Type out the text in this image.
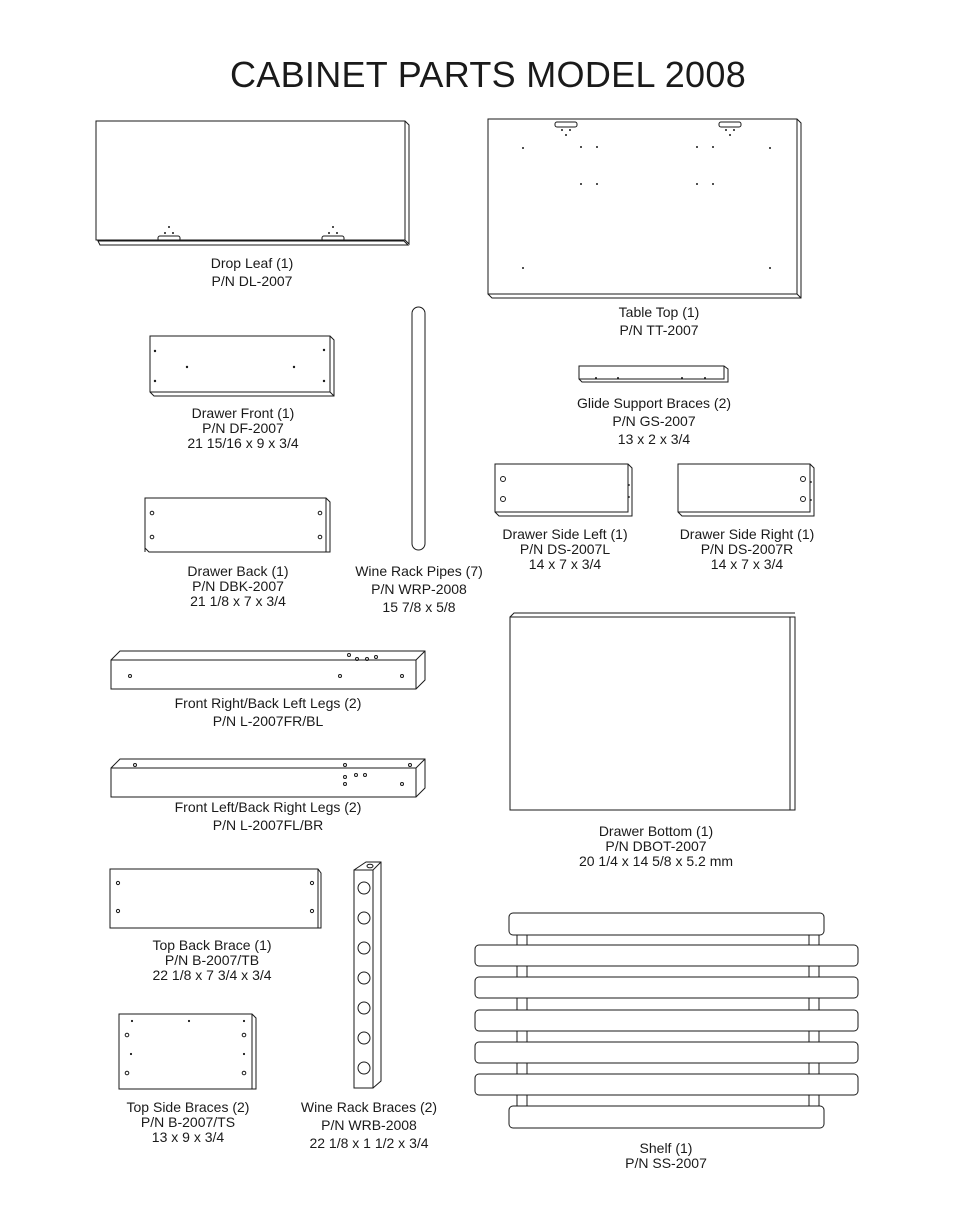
CABINET PARTS MODEL 2008
Drop Leaf (1)
P/N DL-2007
Table Top (1)
P/N TT-2007
Drawer Front (1)
P/N DF-2007
21 15/16 x 9 x 3/4
Glide Support Braces (2)
P/N GS-2007
13 x 2 x 3/4
Drawer Side Left (1)
P/N DS-2007L
14 x 7 x 3/4
Drawer Side Right (1)
P/N DS-2007R
14 x 7 x 3/4
Drawer Back (1)
P/N DBK-2007
21 1/8 x 7 x 3/4
Wine Rack Pipes (7)
P/N WRP-2008
15 7/8 x 5/8
Front Right/Back Left Legs (2)
P/N L-2007FR/BL
Front Left/Back Right Legs (2)
P/N L-2007FL/BR	Drawer Bottom (1)
P/N DBOT-2007
20 1/4 x 14 5/8 x 5.2 mm
Top Back Brace (1)
P/N B-2007/TB
22 1/8 x 7 3/4 x 3/4
Top Side Braces (2)
P/N B-2007/TS
13 x 9 x 3/4
Wine Rack Braces (2)
P/N WRB-2008
22 1/8 x 1 1/2 x 3/4	Shelf (1)
P/N SS-2007
